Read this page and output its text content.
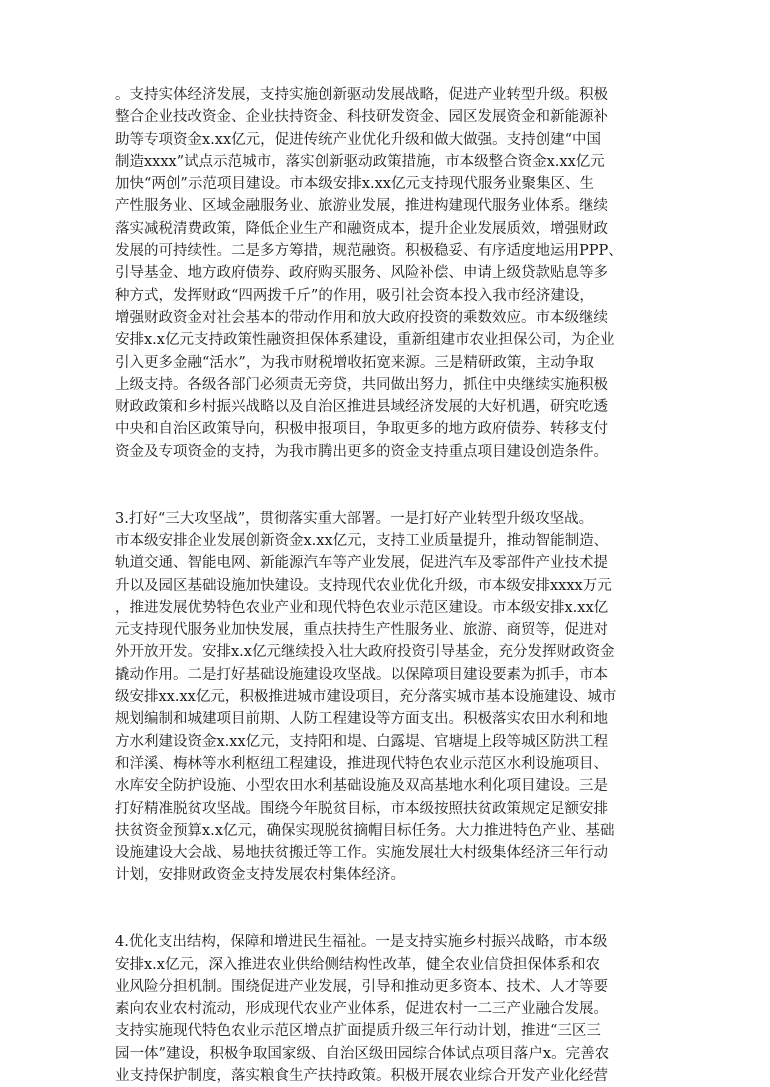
。支持实体经济发展，支持实施创新驱动发展战略，促进产业转型升级。积极
整合企业技改资金、企业扶持资金、科技研发资金、园区发展资金和新能源补
助等专项资金x.xx亿元，促进传统产业优化升级和做大做强。支持创建“中国
制造xxxx”试点示范城市，落实创新驱动政策措施，市本级整合资金x.xx亿元
加快“两创”示范项目建设。市本级安排x.xx亿元支持现代服务业聚集区、生
产性服务业、区域金融服务业、旅游业发展，推进构建现代服务业体系。继续
落实减税清费政策，降低企业生产和融资成本，提升企业发展质效，增强财政
发展的可持续性。二是多方筹措，规范融资。积极稳妥、有序适度地运用PPP、
引导基金、地方政府债券、政府购买服务、风险补偿、申请上级贷款贴息等多
种方式，发挥财政“四两拨千斤”的作用，吸引社会资本投入我市经济建设，
增强财政资金对社会基本的带动作用和放大政府投资的乘数效应。市本级继续
安排x.x亿元支持政策性融资担保体系建设，重新组建市农业担保公司，为企业
引入更多金融“活水”，为我市财税增收拓宽来源。三是精研政策，主动争取
上级支持。各级各部门必须责无旁贷，共同做出努力，抓住中央继续实施积极
财政政策和乡村振兴战略以及自治区推进县域经济发展的大好机遇，研究吃透
中央和自治区政策导向，积极申报项目，争取更多的地方政府债券、转移支付
资金及专项资金的支持，为我市腾出更多的资金支持重点项目建设创造条件。
3.打好“三大攻坚战”，贯彻落实重大部署。一是打好产业转型升级攻坚战。
市本级安排企业发展创新资金x.xx亿元，支持工业质量提升，推动智能制造、
轨道交通、智能电网、新能源汽车等产业发展，促进汽车及零部件产业技术提
升以及园区基础设施加快建设。支持现代农业优化升级，市本级安排xxxx万元
，推进发展优势特色农业产业和现代特色农业示范区建设。市本级安排x.xx亿
元支持现代服务业加快发展，重点扶持生产性服务业、旅游、商贸等，促进对
外开放开发。安排x.x亿元继续投入壮大政府投资引导基金，充分发挥财政资金
撬动作用。二是打好基础设施建设攻坚战。以保障项目建设要素为抓手，市本
级安排xx.xx亿元，积极推进城市建设项目，充分落实城市基本设施建设、城市
规划编制和城建项目前期、人防工程建设等方面支出。积极落实农田水利和地
方水利建设资金x.xx亿元，支持阳和堤、白露堤、官塘堤上段等城区防洪工程
和洋溪、梅林等水利枢纽工程建设，推进现代特色农业示范区水利设施项目、
水库安全防护设施、小型农田水利基础设施及双高基地水利化项目建设。三是
打好精准脱贫攻坚战。围绕今年脱贫目标，市本级按照扶贫政策规定足额安排
扶贫资金预算x.x亿元，确保实现脱贫摘帽目标任务。大力推进特色产业、基础
设施建设大会战、易地扶贫搬迁等工作。实施发展壮大村级集体经济三年行动
计划，安排财政资金支持发展农村集体经济。
4.优化支出结构，保障和增进民生福祉。一是支持实施乡村振兴战略，市本级
安排x.x亿元，深入推进农业供给侧结构性改革，健全农业信贷担保体系和农
业风险分担机制。围绕促进产业发展，引导和推动更多资本、技术、人才等要
素向农业农村流动，形成现代农业产业体系，促进农村一二三产业融合发展。
支持实施现代特色农业示范区增点扩面提质升级三年行动计划，推进“三区三
园一体”建设，积极争取国家级、自治区级田园综合体试点项目落户x。完善农
业支持保护制度，落实粮食生产扶持政策。积极开展农业综合开发产业化经营
